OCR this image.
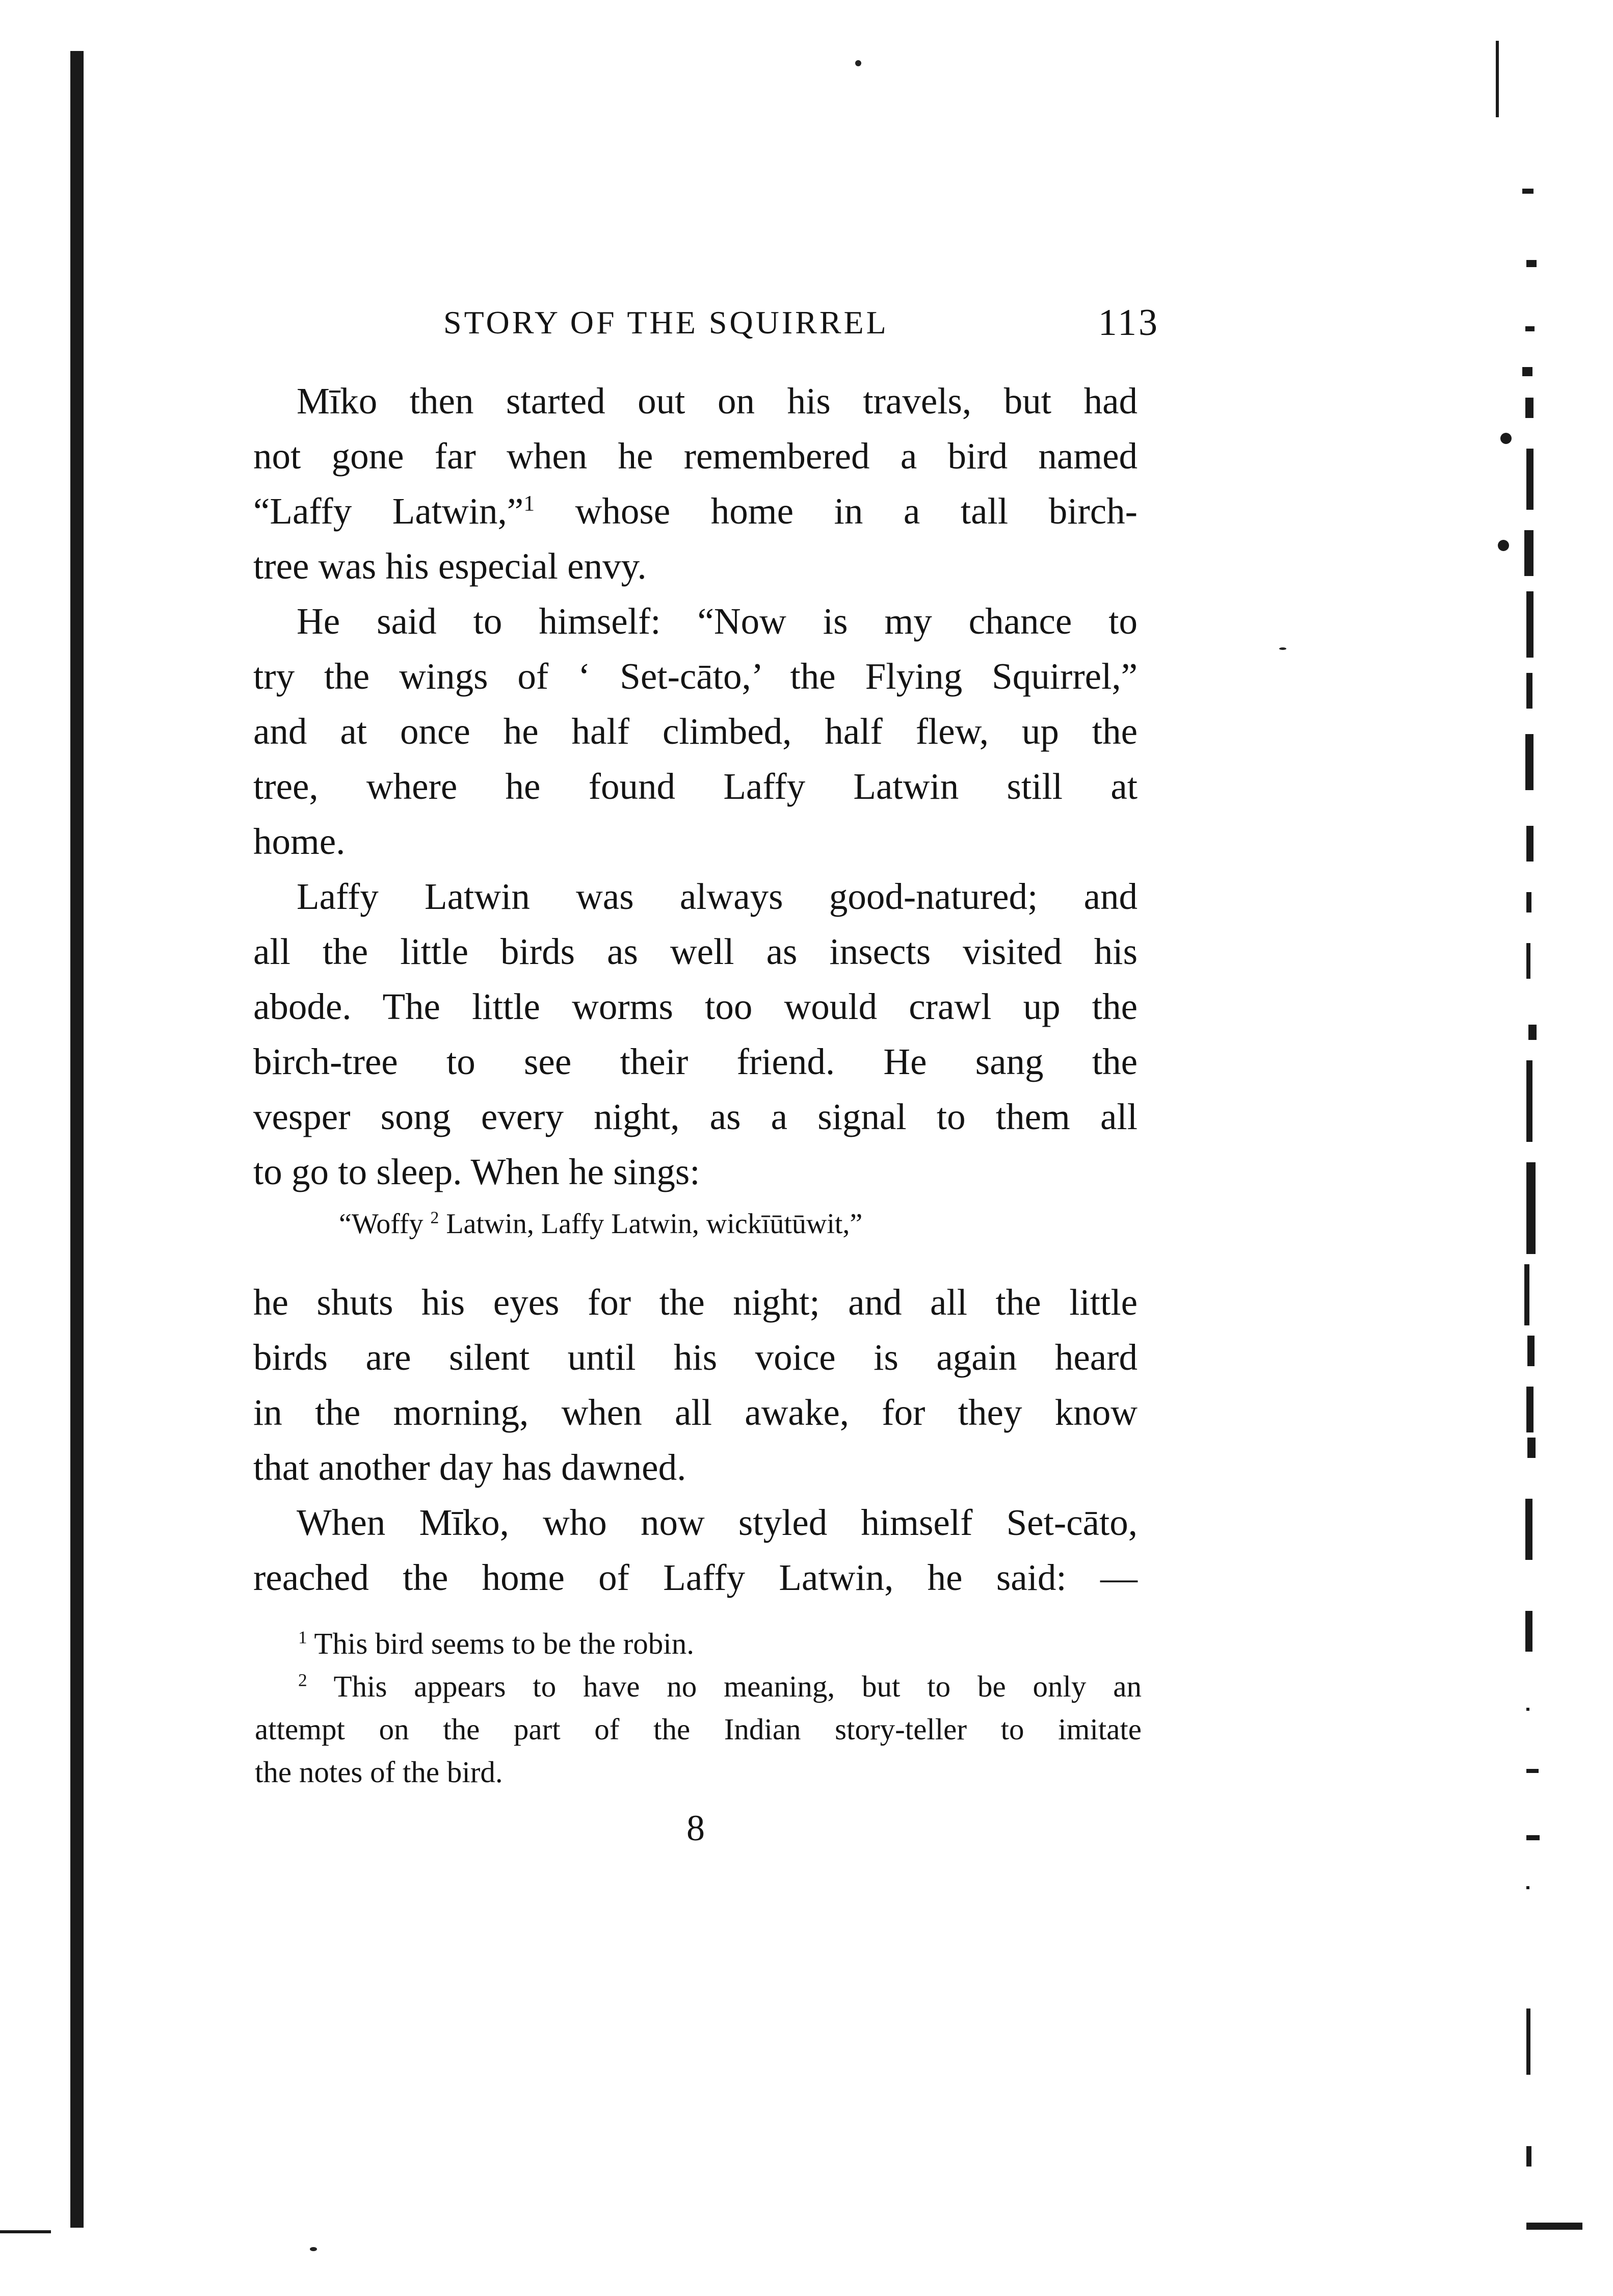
STORY OF THE SQUIRREL	113

Mīko then started out on his travels, but had
not gone far when he remembered a bird named
“Laffy Latwin,”$^1$ whose home in a tall birch-
tree was his especial envy.

He said to himself: “Now is my chance to
try the wings of ‘ Set-cāto,’ the Flying Squirrel,”
and at once he half climbed, half flew, up the
tree, where he found Laffy Latwin still at
home.

Laffy Latwin was always good-natured; and
all the little birds as well as insects visited his
abode. The little worms too would crawl up the
birch-tree to see their friend. He sang the
vesper song every night, as a signal to them all
to go to sleep. When he sings:

“Woffy $^2$ Latwin, Laffy Latwin, wickīūtūwit,”

he shuts his eyes for the night; and all the little
birds are silent until his voice is again heard
in the morning, when all awake, for they know
that another day has dawned.

When Mīko, who now styled himself Set-cāto,
reached the home of Laffy Latwin, he said: —

$^1$ This bird seems to be the robin.

$^2$ This appears to have no meaning, but to be only an

attempt on the part of the Indian story-teller to imitate

the notes of the bird.

8
